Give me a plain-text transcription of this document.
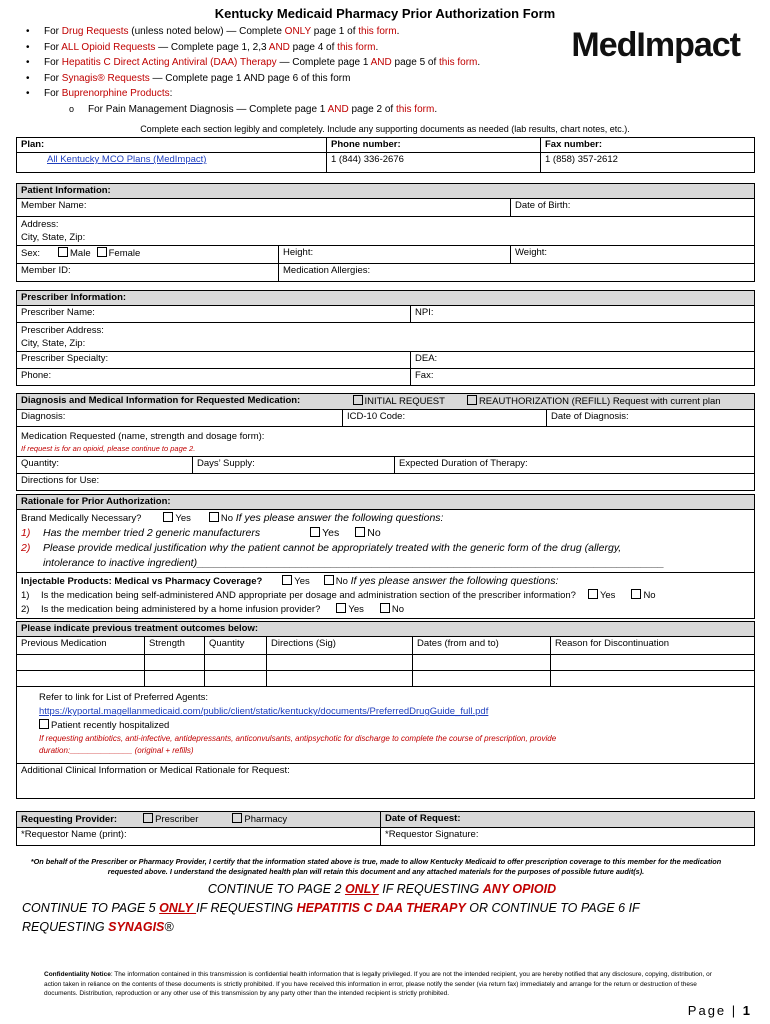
Kentucky Medicaid Pharmacy Prior Authorization Form
MedImpact
• For Drug Requests (unless noted below) — Complete ONLY page 1 of this form.
• For ALL Opioid Requests — Complete page 1, 2,3 AND page 4 of this form.
• For Hepatitis C Direct Acting Antiviral (DAA) Therapy — Complete page 1 AND page 5 of this form.
• For Synagis® Requests — Complete page 1 AND page 6 of this form
• For Buprenorphine Products:
o For Pain Management Diagnosis — Complete page 1 AND page 2 of this form.
Complete each section legibly and completely. Include any supporting documents as needed (lab results, chart notes, etc.).
Plan:	Phone number:	Fax number:
All Kentucky MCO Plans (MedImpact)	1 (844) 336-2676	1 (858) 357-2612
Patient Information:		
Member Name:		Date of Birth:

Address:
City, State, Zip:		

Sex: Male Female	Height:	Weight:
Member ID:	Medication Allergies:	
Prescriber Information:	
Prescriber Name:	NPI:

Prescriber Address:
City, State, Zip:	

Prescriber Specialty:	DEA:
Phone:	Fax:
Diagnosis and Medical Information for Requested Medication:		INITIAL REQUEST REAUTHORIZATION (REFILL) Request with current plan		
Diagnosis:		ICD-10 Code:		Date of Diagnosis:

Medication Requested (name, strength and dosage form):
If request is for an opioid, please continue to page 2.				

Quantity:	Days’ Supply:		Expected Duration of Therapy:	
Directions for Use:				
Rationale for Prior Authorization:

Brand Medically Necessary?	Yes	No If yes please answer the following questions:
1) Has the member tried 2 generic manufacturers	Yes	No
2) Please provide medical justification why the patient cannot be appropriately treated with the generic form of the drug (allergy,
intolerance to inactive ingredient)________________________________________________________________________________

Injectable Products: Medical vs Pharmacy Coverage?	Yes	No If yes please answer the following questions:
1) Is the medication being self-administered AND appropriate per dosage and administration section of the prescriber information?	Yes	No
2) Is the medication being administered by a home infusion provider?	Yes	No
Please indicate previous treatment outcomes below:					
Previous Medication	Strength	Quantity	Directions (Sig)	Dates (from and to)	Reason for Discontinuation

Refer to link for List of Preferred Agents:
https://kyportal.magellanmedicaid.com/public/client/static/kentucky/documents/PreferredDrugGuide_full.pdf
Patient recently hospitalized
If requesting antibiotics, anti-infective, antidepressants, anticonvulsants, antipsychotic for discharge to complete the course of prescription, provide
duration:______________ (original + refills)					

Additional Clinical Information or Medical Rationale for Request:					
Requesting Provider: Prescriber Pharmacy	Date of Request:
*Requestor Name (print):	*Requestor Signature:
*On behalf of the Prescriber or Pharmacy Provider, I certify that the information stated above is true, made to allow Kentucky Medicaid to offer prescription coverage to this member for the medication requested above. I understand the designated health plan will retain this document and any attached materials for the purposes of possible future audit(s).
CONTINUE TO PAGE 2 ONLY IF REQUESTING ANY OPIOID
CONTINUE TO PAGE 5 ONLY IF REQUESTING HEPATITIS C DAA THERAPY OR CONTINUE TO PAGE 6 IF
REQUESTING SYNAGIS®
Confidentiality Notice: The information contained in this transmission is confidential health information that is legally privileged. If you are not the intended recipient, you are hereby notified that any disclosure, copying, distribution, or action taken in reliance on the contents of these documents is strictly prohibited. If you have received this information in error, please notify the sender (via return fax) immediately and arrange for the return or destruction of these documents. Distribution, reproduction or any other use of this transmission by any party other than the intended recipient is strictly prohibited.
Page | 1
